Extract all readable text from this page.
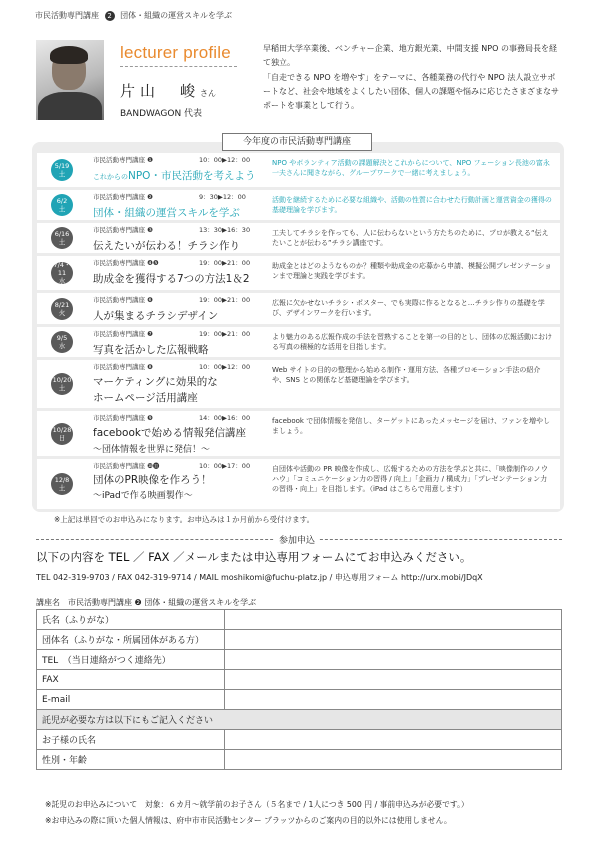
市民活動専門講座 2 団体・組織の運営スキルを学ぶ
lecturer profile
片山　峻さん
BANDWAGON 代表

早稲田大学卒業後、ベンチャー企業、地方銀光業、中間支援 NPO の事務局長を経て独立。

「自走できる NPO を増やす」をテーマに、各種業務の代行や NPO 法人設立サポートなど、社会や地域をよくしたい団体、個人の課題や悩みに応じたさまざまなサポートを事業として行う。

今年度の市民活動専門講座
5/19
土
市民活動専門講座 ❶	10：00▶12：00
これからのNPO・市民活動を考えよう
NPO やボランティア活動の課題解決とこれからについて、NPO フェーション長池の富永一夫さんに聞きながら、グループワークで一緒に考えましょう。
6/2
土
市民活動専門講座 ❷	9：30▶12：00
団体・組織の運営スキルを学ぶ
活動を継続するために必要な組織や、活動の性質に合わせた行動計画と運営資金の獲得の基礎理論を学びます。
6/16
土
市民活動専門講座 ❸	13：30▶16：30
伝えたいが伝わる！チラシ作り
工夫してチラシを作っても、人に伝わらないという方たちのために、プロが教える“伝えたいことが伝わる”チラシ講座です。
7/4・11
水
市民活動専門講座 ❹❺	19：00▶21：00
助成金を獲得する7つの方法1＆2
助成金とはどのようなものか？種類や助成金の応募から申請、模擬公開プレゼンテーションまで理論と実践を学びます。
8/21
火
市民活動専門講座 ❻	19：00▶21：00
人が集まるチラシデザイン
広報に欠かせないチラシ・ポスター、でも実際に作るとなると…チラシ作りの基礎を学び、デザインワークを行います。
9/5
水
市民活動専門講座 ❼	19：00▶21：00
写真を活かした広報戦略
より魅力のある広報作成の手法を習熟することを第一の目的とし、団体の広報活動における写真の積極的な活用を目指します。
10/20
土
市民活動専門講座 ❽	10：00▶12：00
マーケティングに効果的な
ホームページ活用講座
Web サイトの目的の整理から始める制作・運用方法、各種プロモーション手法の紹介や、SNS との関係など基礎理論を学びます。
10/28
日
市民活動専門講座 ❾	14：00▶16：00
facebookで始める情報発信講座
～団体情報を世界に発信！～
facebook で団体情報を発信し、ターゲットにあったメッセージを届け、ファンを増やしましょう。
12/8
土
市民活動専門講座 ❿⓫	10：00▶17：00
団体のPR映像を作ろう！
～iPadで作る映画製作～
自団体や活動の PR 映像を作成し、広報するための方法を学ぶと共に、「映像制作のノウハウ」「コミュニケーション力の習得 / 向上」「企画力 / 構成力」「プレゼンテーション力の習得・向上」を目指します。（iPad はこちらで用意します）
※上記は単回でのお申込みになります。お申込みは１か月前から受付けます。
参加申込
以下の内容を TEL ／ FAX ／メールまたは申込専用フォームにてお申込みください。
TEL 042-319-9703 / FAX 042-319-9714 / MAIL moshikomi@fuchu-platz.jp / 申込専用フォーム http://urx.mobi/JDqX
講座名　市民活動専門講座 ❷ 団体・組織の運営スキルを学ぶ
氏名（ふりがな）	
団体名（ふりがな・所属団体がある方）	
TEL　（当日連絡がつく連絡先）	
FAX	
E-mail	
託児が必要な方は以下にもご記入ください	
お子様の氏名	
性別・年齢	
※託児のお申込みについて　対象：６カ月〜就学前のお子さん（５名まで / 1人につき 500 円 / 事前申込みが必要です。）
※お申込みの際に頂いた個人情報は、府中市市民活動センター プラッツからのご案内の目的以外には使用しません。
